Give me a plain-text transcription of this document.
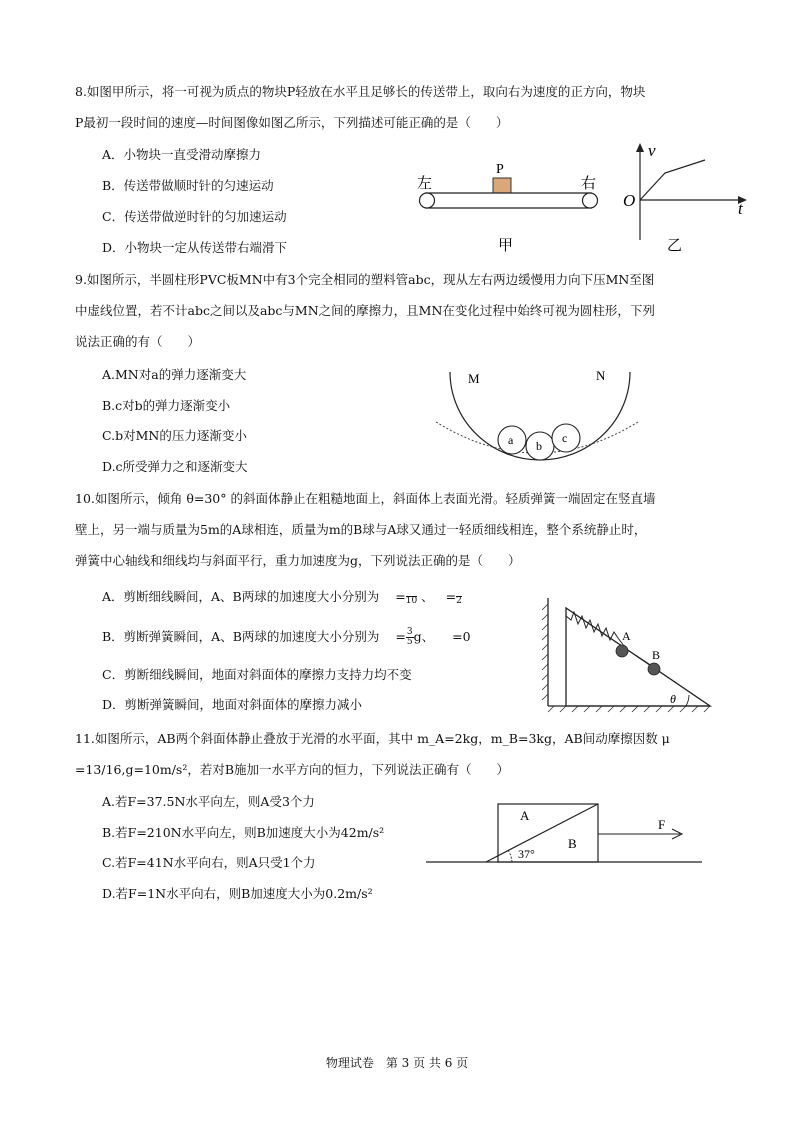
8.如图甲所示，将一可视为质点的物块P轻放在水平且足够长的传送带上，取向右为速度的正方向，物块
P最初一段时间的速度—时间图像如图乙所示，下列描述可能正确的是（　　）
A．小物块一直受滑动摩擦力
B．传送带做顺时针的匀速运动
C．传送带做逆时针的匀加速运动
D．小物块一定从传送带右端滑下
左	右
P
甲
v
O	t
乙
9.如图所示，半圆柱形PVC板MN中有3个完全相同的塑料管abc，现从左右两边缓慢用力向下压MN至图
中虚线位置，若不计abc之间以及abc与MN之间的摩擦力，且MN在变化过程中始终可视为圆柱形，下列
说法正确的有（　　）
A.MN对a的弹力逐渐变大
B.c对b的弹力逐渐变小
C.b对MN的压力逐渐变小
D.c所受弹力之和逐渐变大
M	N
a b
c
10.如图所示，倾角 θ=30° 的斜面体静止在粗糙地面上，斜面体上表面光滑。轻质弹簧一端固定在竖直墙
壁上，另一端与质量为5m的A球相连，质量为m的B球与A球又通过一轻质细线相连，整个系统静止时，
弹簧中心轴线和细线均与斜面平行，重力加速度为g，下列说法正确的是（　　）
A．剪断细线瞬间，A、B两球的加速度大小分别为 =
10 、 =
2
B．剪断弹簧瞬间，A、B两球的加速度大小分别为 = $\frac{3}{5}g$、 =0
C．剪断细线瞬间，地面对斜面体的摩擦力支持力均不变
D．剪断弹簧瞬间，地面对斜面体的摩擦力减小
A
B
θ
11.如图所示，AB两个斜面体静止叠放于光滑的水平面，其中 m_A=2kg，m_B=3kg，AB间动摩擦因数 μ
=13/16,g=10m/s²，若对B施加一水平方向的恒力，下列说法正确有（　　）
A.若F=37.5N水平向左，则A受3个力
B.若F=210N水平向左，则B加速度大小为42m/s²
C.若F=41N水平向右，则A只受1个力
D.若F=1N水平向右，则B加速度大小为0.2m/s²
A
B
F
37°
物理试卷　第 3 页 共 6 页
